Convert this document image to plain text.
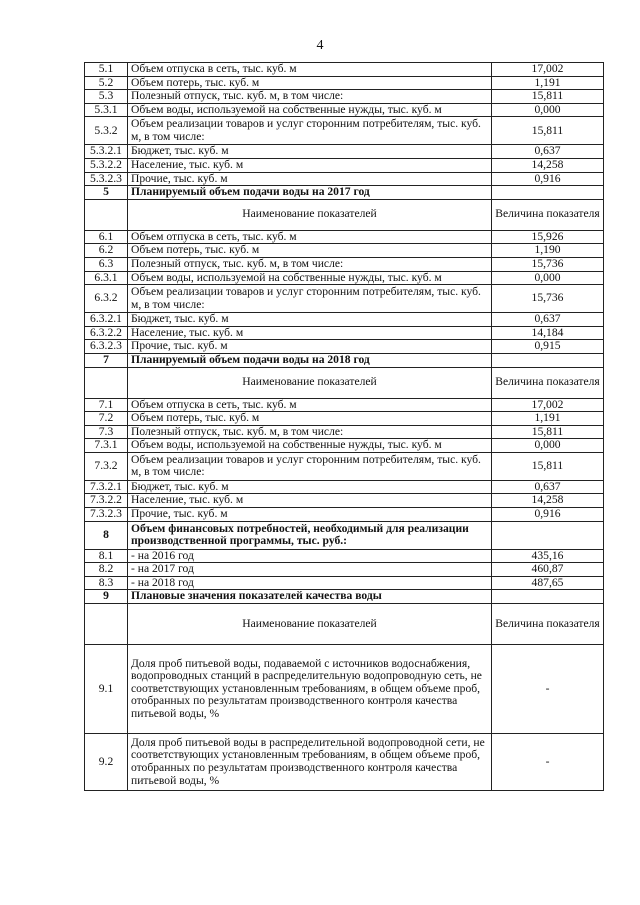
4
5.1	Объем отпуска в сеть, тыс. куб. м	17,002
5.2	Объем потерь, тыс. куб. м	1,191
5.3	Полезный отпуск, тыс. куб. м, в том числе:	15,811
5.3.1	Объем воды, используемой на собственные нужды, тыс. куб. м	0,000
5.3.2	Объем реализации товаров и услуг сторонним потребителям, тыс. куб. м, в том числе:	15,811
5.3.2.1	Бюджет, тыс. куб. м	0,637
5.3.2.2	Население, тыс. куб. м	14,258
5.3.2.3	Прочие, тыс. куб. м	0,916
5	Планируемый объем подачи воды на 2017 год	
	Наименование показателей	Величина показателя
6.1	Объем отпуска в сеть, тыс. куб. м	15,926
6.2	Объем потерь, тыс. куб. м	1,190
6.3	Полезный отпуск, тыс. куб. м, в том числе:	15,736
6.3.1	Объем воды, используемой на собственные нужды, тыс. куб. м	0,000
6.3.2	Объем реализации товаров и услуг сторонним потребителям, тыс. куб. м, в том числе:	15,736
6.3.2.1	Бюджет, тыс. куб. м	0,637
6.3.2.2	Население, тыс. куб. м	14,184
6.3.2.3	Прочие, тыс. куб. м	0,915
7	Планируемый объем подачи воды на 2018 год	
	Наименование показателей	Величина показателя
7.1	Объем отпуска в сеть, тыс. куб. м	17,002
7.2	Объем потерь, тыс. куб. м	1,191
7.3	Полезный отпуск, тыс. куб. м, в том числе:	15,811
7.3.1	Объем воды, используемой на собственные нужды, тыс. куб. м	0,000
7.3.2	Объем реализации товаров и услуг сторонним потребителям, тыс. куб. м, в том числе:	15,811
7.3.2.1	Бюджет, тыс. куб. м	0,637
7.3.2.2	Население, тыс. куб. м	14,258
7.3.2.3	Прочие, тыс. куб. м	0,916
8	Объем финансовых потребностей, необходимый для реализации производственной программы, тыс. руб.:	
8.1	- на 2016 год	435,16
8.2	- на 2017 год	460,87
8.3	- на 2018 год	487,65
9	Плановые значения показателей качества воды	
	Наименование показателей	Величина показателя
9.1	Доля проб питьевой воды, подаваемой с источников водоснабжения, водопроводных станций в распределительную водопроводную сеть, не соответствующих установленным требованиям, в общем объеме проб, отобранных по результатам производственного контроля качества питьевой воды, %	-
9.2	Доля проб питьевой воды в распределительной водопроводной сети, не соответствующих установленным требованиям, в общем объеме проб, отобранных по результатам производственного контроля качества питьевой воды, %	-
